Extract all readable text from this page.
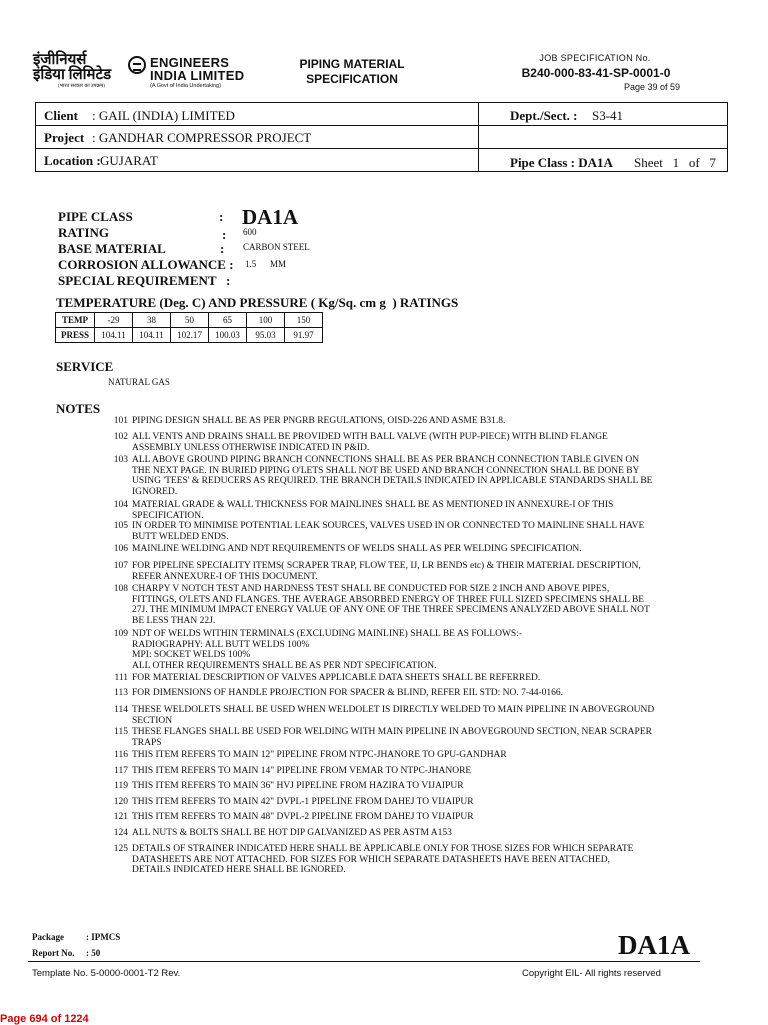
इंजीनियर्स
इंडिया लिमिटेड
ENGINEERS
INDIA LIMITED
(भारत सरकार का उपक्रम)	(A Govt of India Undertaking)
PIPING MATERIAL
SPECIFICATION
JOB SPECIFICATION No.
B240-000-83-41-SP-0001-0
Page 39 of 59
Client : GAIL (INDIA) LIMITED	Dept./Sect. : S3-41
Project : GANDHAR COMPRESSOR PROJECT
Location : GUJARAT	Pipe Class : DA1A Sheet   1   of   7
PIPE CLASS	: DA1A
RATING	: 600
BASE MATERIAL	: CARBON STEEL
CORROSION ALLOWANCE : 1.5 MM
SPECIAL REQUIREMENT :
TEMPERATURE (Deg. C) AND PRESSURE ( Kg/Sq. cm g  ) RATINGS
TEMP	-29	38	50	65	100	150
PRESS	104.11	104.11	102.17	100.03	95.03	91.97
SERVICE
NATURAL GAS
NOTES
101 PIPING DESIGN SHALL BE AS PER PNGRB REGULATIONS, OISD-226 AND ASME B31.8.
102 ALL VENTS AND DRAINS SHALL BE PROVIDED WITH BALL VALVE (WITH PUP-PIECE) WITH BLIND FLANGE
ASSEMBLY UNLESS OTHERWISE INDICATED IN P&ID.
103 ALL ABOVE GROUND PIPING BRANCH CONNECTIONS SHALL BE AS PER BRANCH CONNECTION TABLE GIVEN ON
THE NEXT PAGE. IN BURIED PIPING O'LETS SHALL NOT BE USED AND BRANCH CONNECTION SHALL BE DONE BY
USING 'TEES' & REDUCERS AS REQUIRED. THE BRANCH DETAILS INDICATED IN APPLICABLE STANDARDS SHALL BE
IGNORED.
104 MATERIAL GRADE & WALL THICKNESS FOR MAINLINES SHALL BE AS MENTIONED IN ANNEXURE-I OF THIS
SPECIFICATION.
105 IN ORDER TO MINIMISE POTENTIAL LEAK SOURCES, VALVES USED IN OR CONNECTED TO MAINLINE SHALL HAVE
BUTT WELDED ENDS.
106 MAINLINE WELDING AND NDT REQUIREMENTS OF WELDS SHALL AS PER WELDING SPECIFICATION.
107 FOR PIPELINE SPECIALITY ITEMS( SCRAPER TRAP, FLOW TEE, IJ, LR BENDS etc) & THEIR MATERIAL DESCRIPTION,
REFER ANNEXURE-I OF THIS DOCUMENT.
108 CHARPY V NOTCH TEST AND HARDNESS TEST SHALL BE CONDUCTED FOR SIZE 2 INCH AND ABOVE PIPES,
FITTINGS, O'LETS AND FLANGES. THE AVERAGE ABSORBED ENERGY OF THREE FULL SIZED SPECIMENS SHALL BE
27J. THE MINIMUM IMPACT ENERGY VALUE OF ANY ONE OF THE THREE SPECIMENS ANALYZED ABOVE SHALL NOT
BE LESS THAN 22J.
109 NDT OF WELDS WITHIN TERMINALS (EXCLUDING MAINLINE) SHALL BE AS FOLLOWS:-
RADIOGRAPHY: ALL BUTT WELDS 100%
MPI: SOCKET WELDS 100%
ALL OTHER REQUIREMENTS SHALL BE AS PER NDT SPECIFICATION.
111 FOR MATERIAL DESCRIPTION OF VALVES APPLICABLE DATA SHEETS SHALL BE REFERRED.
113 FOR DIMENSIONS OF HANDLE PROJECTION FOR SPACER & BLIND, REFER EIL STD: NO. 7-44-0166.
114 THESE WELDOLETS SHALL BE USED WHEN WELDOLET IS DIRECTLY WELDED TO MAIN PIPELINE IN ABOVEGROUND
SECTION
115 THESE FLANGES SHALL BE USED FOR WELDING WITH MAIN PIPELINE IN ABOVEGROUND SECTION, NEAR SCRAPER
TRAPS
116 THIS ITEM REFERS TO MAIN 12" PIPELINE FROM NTPC-JHANORE TO GPU-GANDHAR
117 THIS ITEM REFERS TO MAIN 14" PIPELINE FROM VEMAR TO NTPC-JHANORE
119 THIS ITEM REFERS TO MAIN 36" HVJ PIPELINE FROM HAZIRA TO VIJAIPUR
120 THIS ITEM REFERS TO MAIN 42" DVPL-1 PIPELINE FROM DAHEJ TO VIJAIPUR
121 THIS ITEM REFERS TO MAIN 48" DVPL-2 PIPELINE FROM DAHEJ TO VIJAIPUR
124 ALL NUTS & BOLTS SHALL BE HOT DIP GALVANIZED AS PER ASTM A153
125 DETAILS OF STRAINER INDICATED HERE SHALL BE APPLICABLE ONLY FOR THOSE SIZES FOR WHICH SEPARATE
DATASHEETS ARE NOT ATTACHED. FOR SIZES FOR WHICH SEPARATE DATASHEETS HAVE BEEN ATTACHED,
DETAILS INDICATED HERE SHALL BE IGNORED.
Package : IPMCS
Report No. : 50	DA1A
Template No. 5-0000-0001-T2 Rev.	Copyright EIL- All rights reserved
Page 694 of 1224
